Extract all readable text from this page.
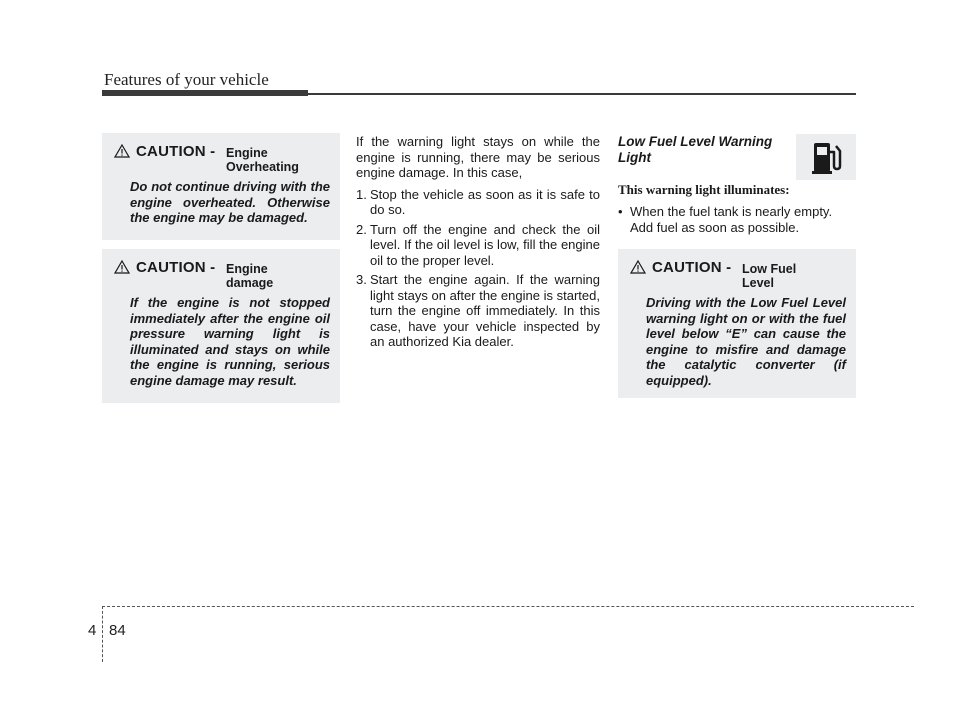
Features of your vehicle
CAUTION - Engine
Overheating
Do not continue driving with the engine overheated. Otherwise the engine may be damaged.
CAUTION - Engine
damage
If the engine is not stopped immediately after the engine oil pressure warning light is illuminated and stays on while the engine is running, serious engine damage may result.

If the warning light stays on while the engine is running, there may be serious engine damage. In this case,

1. Stop the vehicle as soon as it is safe to do so.
2. Turn off the engine and check the oil level. If the oil level is low, fill the engine oil to the proper level.
3. Start the engine again. If the warning light stays on after the engine is started, turn the engine off immediately. In this case, have your vehicle inspected by an authorized Kia dealer.
Low Fuel Level Warning Light
This warning light illuminates:
• When the fuel tank is nearly empty. Add fuel as soon as possible.
CAUTION - Low Fuel
Level
Driving with the Low Fuel Level warning light on or with the fuel level below “E” can cause the engine to misfire and damage the catalytic converter (if equipped).
4 84
